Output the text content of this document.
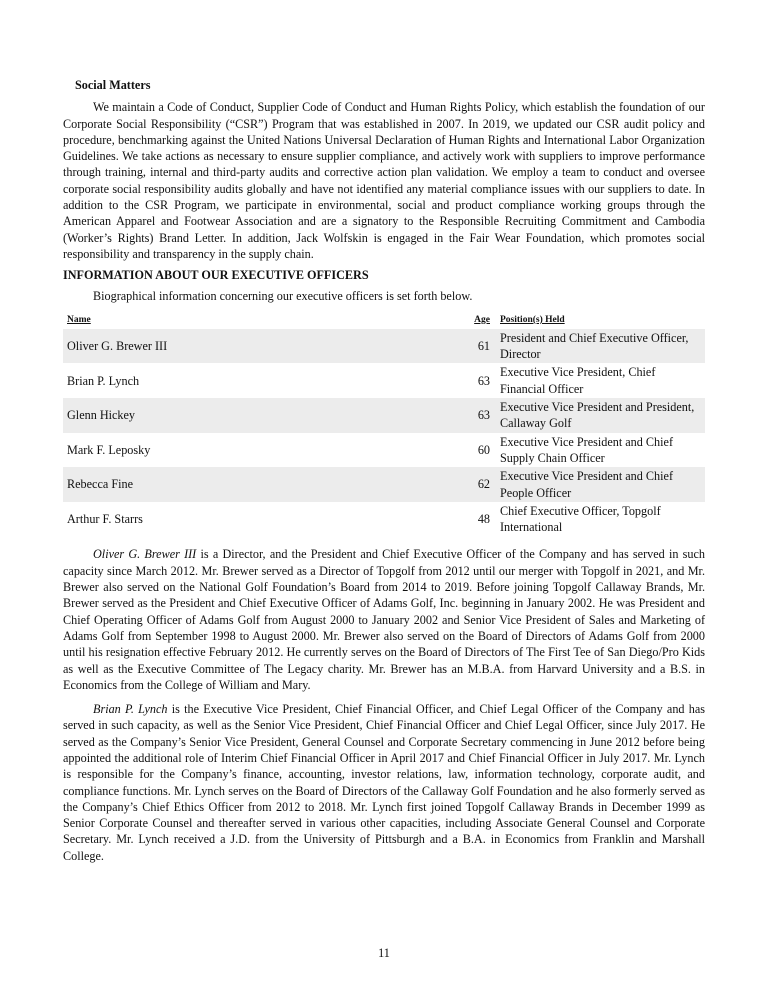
Social Matters

We maintain a Code of Conduct, Supplier Code of Conduct and Human Rights Policy, which establish the foundation of our Corporate Social Responsibility (“CSR”) Program that was established in 2007. In 2019, we updated our CSR audit policy and procedure, benchmarking against the United Nations Universal Declaration of Human Rights and International Labor Organization Guidelines. We take actions as necessary to ensure supplier compliance, and actively work with suppliers to improve performance through training, internal and third-party audits and corrective action plan validation. We employ a team to conduct and oversee corporate social responsibility audits globally and have not identified any material compliance issues with our suppliers to date. In addition to the CSR Program, we participate in environmental, social and product compliance working groups through the American Apparel and Footwear Association and are a signatory to the Responsible Recruiting Commitment and Cambodia (Worker’s Rights) Brand Letter. In addition, Jack Wolfskin is engaged in the Fair Wear Foundation, which promotes social responsibility and transparency in the supply chain.

INFORMATION ABOUT OUR EXECUTIVE OFFICERS

Biographical information concerning our executive officers is set forth below.

Name	Age	Position(s) Held
Oliver G. Brewer III	61	President and Chief Executive Officer, Director
Brian P. Lynch	63	Executive Vice President, Chief Financial Officer
Glenn Hickey	63	Executive Vice President and President, Callaway Golf
Mark F. Leposky	60	Executive Vice President and Chief Supply Chain Officer
Rebecca Fine	62	Executive Vice President and Chief People Officer
Arthur F. Starrs	48	Chief Executive Officer, Topgolf International

Oliver G. Brewer III is a Director, and the President and Chief Executive Officer of the Company and has served in such capacity since March 2012. Mr. Brewer served as a Director of Topgolf from 2012 until our merger with Topgolf in 2021, and Mr. Brewer also served on the National Golf Foundation’s Board from 2014 to 2019. Before joining Topgolf Callaway Brands, Mr. Brewer served as the President and Chief Executive Officer of Adams Golf, Inc. beginning in January 2002. He was President and Chief Operating Officer of Adams Golf from August 2000 to January 2002 and Senior Vice President of Sales and Marketing of Adams Golf from September 1998 to August 2000. Mr. Brewer also served on the Board of Directors of Adams Golf from 2000 until his resignation effective February 2012. He currently serves on the Board of Directors of The First Tee of San Diego/Pro Kids as well as the Executive Committee of The Legacy charity. Mr. Brewer has an M.B.A. from Harvard University and a B.S. in Economics from the College of William and Mary.

Brian P. Lynch is the Executive Vice President, Chief Financial Officer, and Chief Legal Officer of the Company and has served in such capacity, as well as the Senior Vice President, Chief Financial Officer and Chief Legal Officer, since July 2017. He served as the Company’s Senior Vice President, General Counsel and Corporate Secretary commencing in June 2012 before being appointed the additional role of Interim Chief Financial Officer in April 2017 and Chief Financial Officer in July 2017. Mr. Lynch is responsible for the Company’s finance, accounting, investor relations, law, information technology, corporate audit, and compliance functions. Mr. Lynch serves on the Board of Directors of the Callaway Golf Foundation and he also formerly served as the Company’s Chief Ethics Officer from 2012 to 2018. Mr. Lynch first joined Topgolf Callaway Brands in December 1999 as Senior Corporate Counsel and thereafter served in various other capacities, including Associate General Counsel and Corporate Secretary. Mr. Lynch received a J.D. from the University of Pittsburgh and a B.A. in Economics from Franklin and Marshall College.

11
